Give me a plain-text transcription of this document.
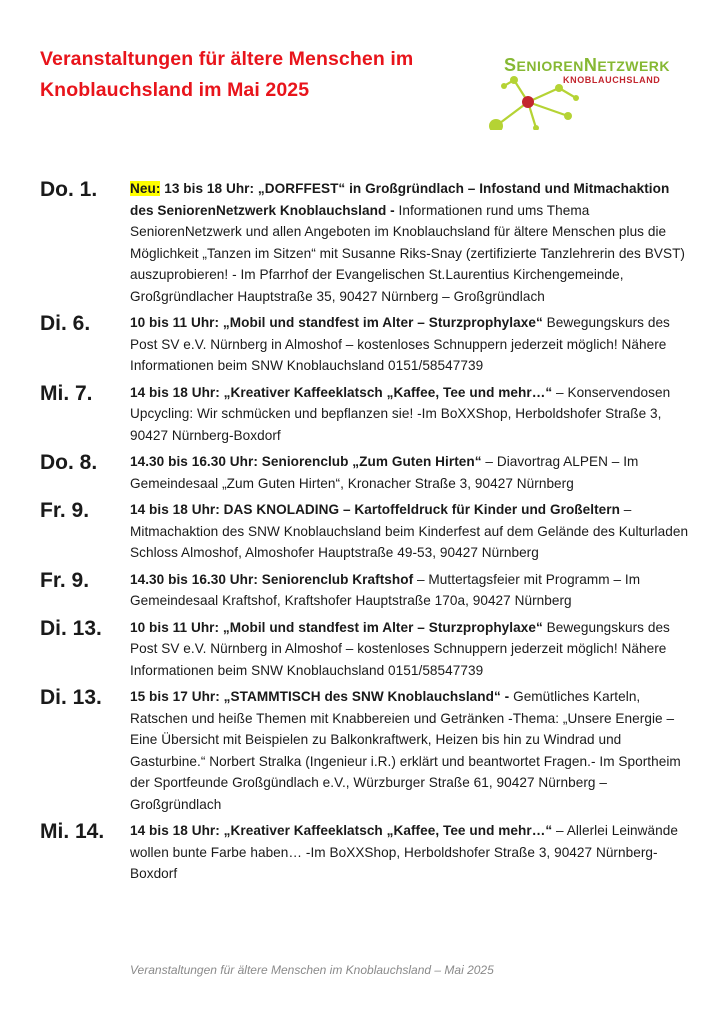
Veranstaltungen für ältere Menschen im
Knoblauchsland im Mai 2025
SENIORENNETZWERK
KNOBLAUCHSLAND
Do. 1.	Neu: 13 bis 18 Uhr: „DORFFEST“ in Großgründlach – Infostand und Mitmachaktion des SeniorenNetzwerk Knoblauchsland - Informationen rund ums Thema SeniorenNetzwerk und allen Angeboten im Knoblauchsland für ältere Menschen plus die Möglichkeit „Tanzen im Sitzen“ mit Susanne Riks-Snay (zertifizierte Tanzlehrerin des BVST) auszuprobieren! - Im Pfarrhof der Evangelischen St.Laurentius Kirchengemeinde, Großgründlacher Hauptstraße 35, 90427 Nürnberg – Großgründlach
Di. 6.	10 bis 11 Uhr: „Mobil und standfest im Alter – Sturzprophylaxe“ Bewegungskurs des Post SV e.V. Nürnberg in Almoshof – kostenloses Schnuppern jederzeit möglich! Nähere Informationen beim SNW Knoblauchsland 0151/58547739
Mi. 7.	14 bis 18 Uhr: „Kreativer Kaffeeklatsch „Kaffee, Tee und mehr…“ – Konservendosen Upcycling: Wir schmücken und bepflanzen sie! -Im BoXXShop, Herboldshofer Straße 3, 90427 Nürnberg-Boxdorf
Do. 8.	14.30 bis 16.30 Uhr: Seniorenclub „Zum Guten Hirten“ – Diavortrag ALPEN – Im Gemeindesaal „Zum Guten Hirten“, Kronacher Straße 3, 90427 Nürnberg
Fr. 9.	14 bis 18 Uhr: DAS KNOLADING – Kartoffeldruck für Kinder und Großeltern – Mitmachaktion des SNW Knoblauchsland beim Kinderfest auf dem Gelände des Kulturladen Schloss Almoshof, Almoshofer Hauptstraße 49-53, 90427 Nürnberg
Fr. 9.	14.30 bis 16.30 Uhr: Seniorenclub Kraftshof – Muttertagsfeier mit Programm – Im Gemeindesaal Kraftshof, Kraftshofer Hauptstraße 170a, 90427 Nürnberg
Di. 13.	10 bis 11 Uhr: „Mobil und standfest im Alter – Sturzprophylaxe“ Bewegungskurs des Post SV e.V. Nürnberg in Almoshof – kostenloses Schnuppern jederzeit möglich! Nähere Informationen beim SNW Knoblauchsland 0151/58547739
Di. 13.	15 bis 17 Uhr: „STAMMTISCH des SNW Knoblauchsland“ - Gemütliches Karteln, Ratschen und heiße Themen mit Knabbereien und Getränken -Thema: „Unsere Energie – Eine Übersicht mit Beispielen zu Balkonkraftwerk, Heizen bis hin zu Windrad und Gasturbine.“ Norbert Stralka (Ingenieur i.R.) erklärt und beantwortet Fragen.- Im Sportheim der Sportfeunde Großgündlach e.V., Würzburger Straße 61, 90427 Nürnberg – Großgründlach
Mi. 14.	14 bis 18 Uhr: „Kreativer Kaffeeklatsch „Kaffee, Tee und mehr…“ – Allerlei Leinwände wollen bunte Farbe haben… -Im BoXXShop, Herboldshofer Straße 3, 90427 Nürnberg-Boxdorf
Veranstaltungen für ältere Menschen im Knoblauchsland – Mai 2025
